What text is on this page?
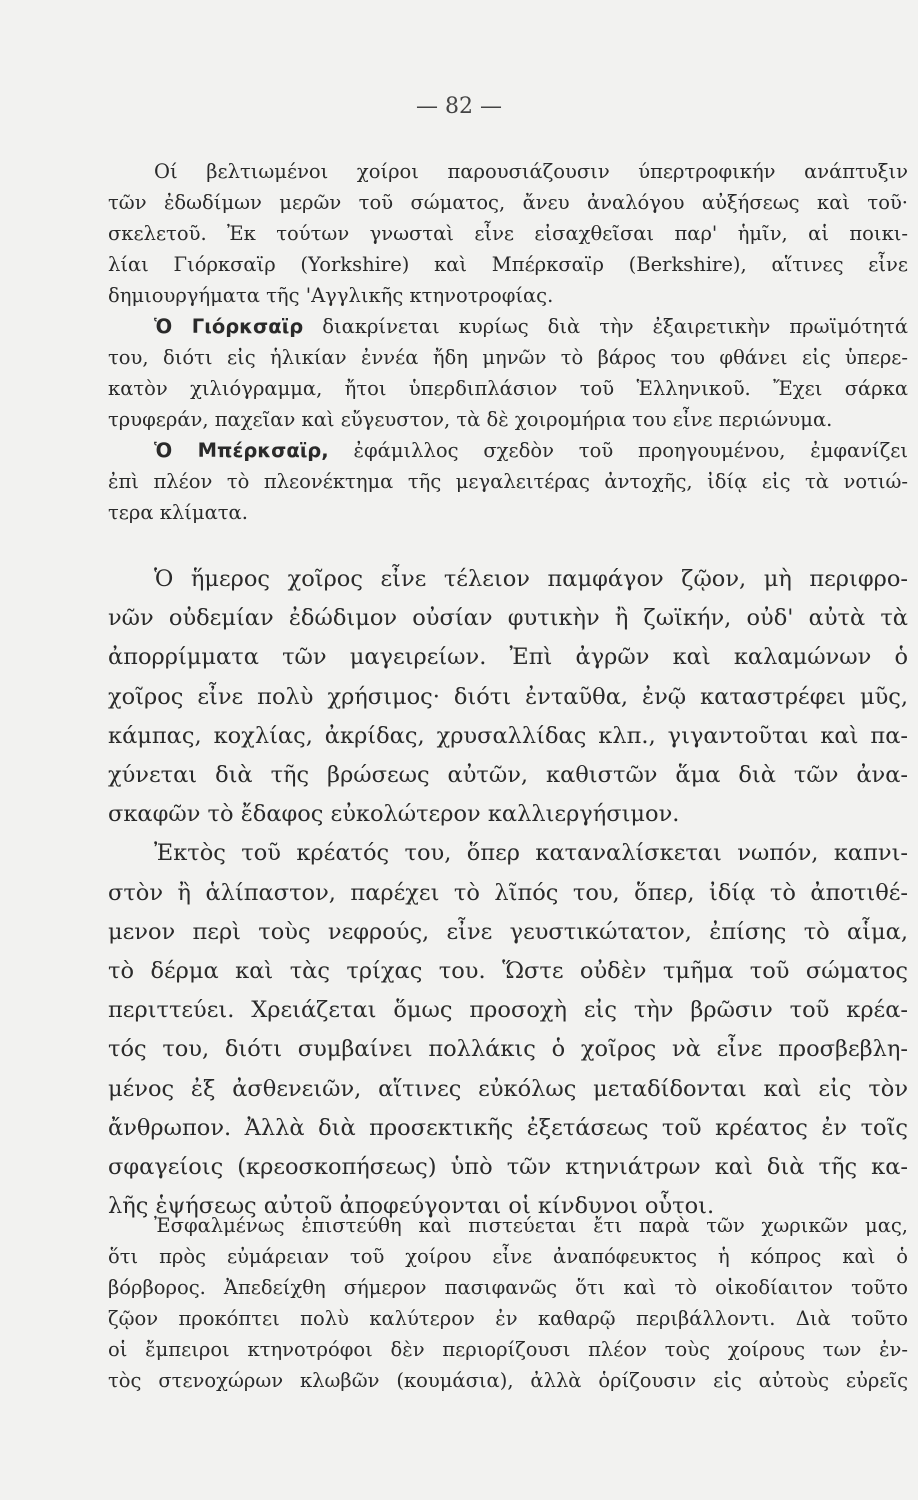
— 82 —
Οί βελτιωμένοι χοίροι παρουσιάζουσιν ύπερτροφικήν ανάπτυξιν
τῶν ἐδωδίμων μερῶν τοῦ σώματος, ἄνευ ἀναλόγου αὐξήσεως καὶ τοῦ·
σκελετοῦ. Ἐκ τούτων γνωσταὶ εἶνε εἰσαχθεῖσαι παρ' ἡμῖν, αἱ ποικι-
λίαι Γιόρκσαϊρ (Yorkshire) καὶ Μπέρκσαϊρ (Berkshire), αἵτινες εἶνε
δημιουργήματα τῆς 'Αγγλικῆς κτηνοτροφίας.
Ὁ Γιόρκσαϊρ διακρίνεται κυρίως διὰ τὴν ἐξαιρετικὴν πρωϊμότητά
του, διότι εἰς ἡλικίαν ἐννέα ἤδη μηνῶν τὸ βάρος του φθάνει εἰς ὑπερε-
κατὸν χιλιόγραμμα, ἤτοι ὑπερδιπλάσιον τοῦ Ἑλληνικοῦ. Ἔχει σάρκα
τρυφεράν, παχεῖαν καὶ εὔγευστον, τὰ δὲ χοιρομήρια του εἶνε περιώνυμα.
Ὁ Μπέρκσαϊρ, ἐφάμιλλος σχεδὸν τοῦ προηγουμένου, ἐμφανίζει
ἐπὶ πλέον τὸ πλεονέκτημα τῆς μεγαλειτέρας ἀντοχῆς, ἰδίᾳ εἰς τὰ νοτιώ-
τερα κλίματα.
Ὁ ἥμερος χοῖρος εἶνε τέλειον παμφάγον ζῷον, μὴ περιφρο-
νῶν οὐδεμίαν ἐδώδιμον οὐσίαν φυτικὴν ἢ ζωϊκήν, οὐδ' αὐτὰ τὰ
ἀπορρίμματα τῶν μαγειρείων. Ἐπὶ ἀγρῶν καὶ καλαμώνων ὁ
χοῖρος εἶνε πολὺ χρήσιμος· διότι ἐνταῦθα, ἐνῷ καταστρέφει μῦς,
κάμπας, κοχλίας, ἀκρίδας, χρυσαλλίδας κλπ., γιγαντοῦται καὶ πα-
χύνεται διὰ τῆς βρώσεως αὐτῶν, καθιστῶν ἅμα διὰ τῶν ἀνα-
σκαφῶν τὸ ἔδαφος εὐκολώτερον καλλιεργήσιμον.
Ἐκτὸς τοῦ κρέατός του, ὅπερ καταναλίσκεται νωπόν, καπνι-
στὸν ἢ ἁλίπαστον, παρέχει τὸ λῖπός του, ὅπερ, ἰδίᾳ τὸ ἀποτιθέ-
μενον περὶ τοὺς νεφρούς, εἶνε γευστικώτατον, ἐπίσης τὸ αἷμα,
τὸ δέρμα καὶ τὰς τρίχας του. Ὥστε οὐδὲν τμῆμα τοῦ σώματος
περιττεύει. Χρειάζεται ὅμως προσοχὴ εἰς τὴν βρῶσιν τοῦ κρέα-
τός του, διότι συμβαίνει πολλάκις ὁ χοῖρος νὰ εἶνε προσβεβλη-
μένος ἐξ ἀσθενειῶν, αἵτινες εὐκόλως μεταδίδονται καὶ εἰς τὸν
ἄνθρωπον. Ἀλλὰ διὰ προσεκτικῆς ἐξετάσεως τοῦ κρέατος ἐν τοῖς
σφαγείοις (κρεοσκοπήσεως) ὑπὸ τῶν κτηνιάτρων καὶ διὰ τῆς κα-
λῆς ἑψήσεως αὐτοῦ ἀποφεύγονται οἱ κίνδυνοι οὗτοι.
Ἐσφαλμένως ἐπιστεύθη καὶ πιστεύεται ἔτι παρὰ τῶν χωρικῶν μας,
ὅτι πρὸς εὐμάρειαν τοῦ χοίρου εἶνε ἀναπόφευκτος ἡ κόπρος καὶ ὁ
βόρβορος. Ἀπεδείχθη σήμερον πασιφανῶς ὅτι καὶ τὸ οἰκοδίαιτον τοῦτο
ζῷον προκόπτει πολὺ καλύτερον ἐν καθαρῷ περιβάλλοντι. Διὰ τοῦτο
οἱ ἔμπειροι κτηνοτρόφοι δὲν περιορίζουσι πλέον τοὺς χοίρους των ἐν-
τὸς στενοχώρων κλωβῶν (κουμάσια), ἀλλὰ ὁρίζουσιν εἰς αὐτοὺς εὐρεῖς
